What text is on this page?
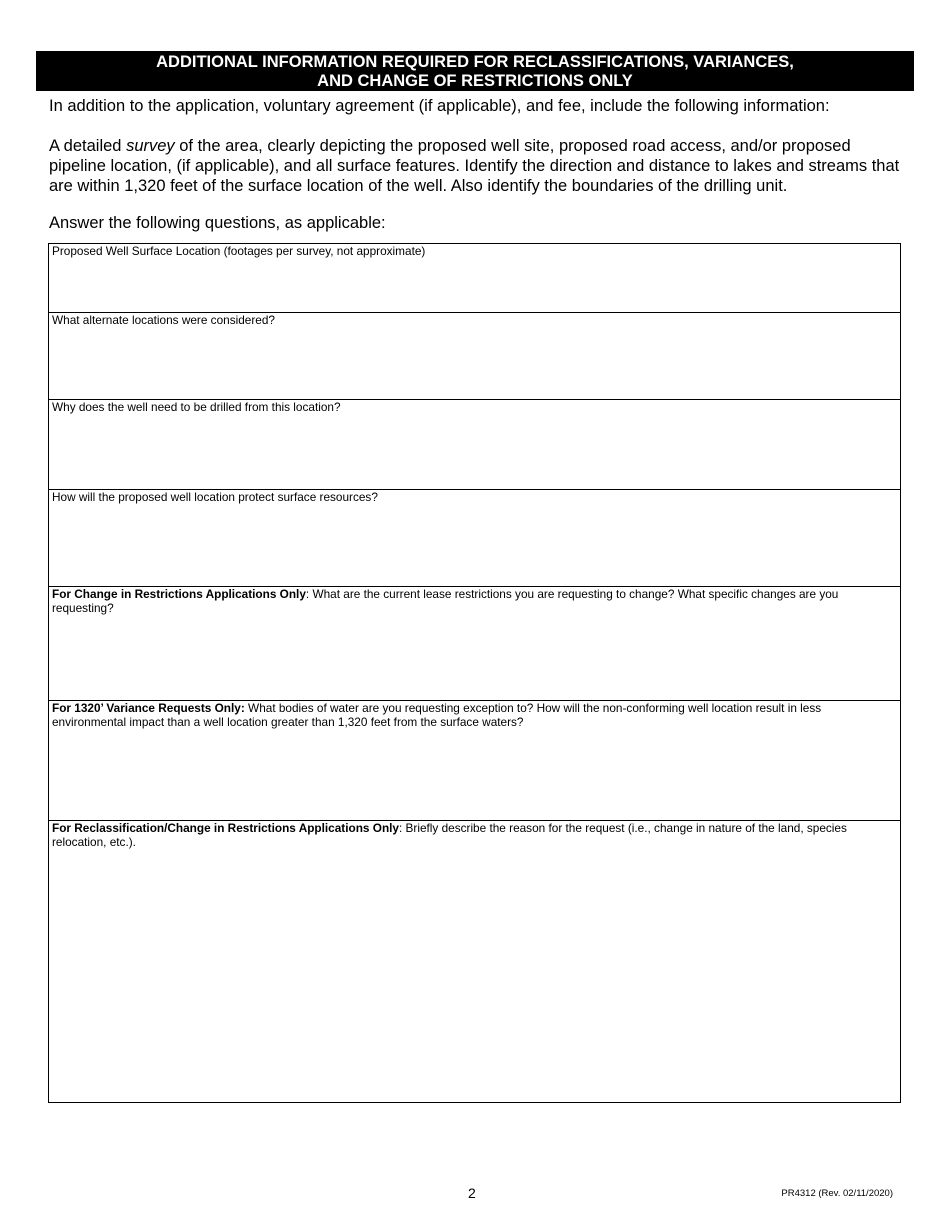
ADDITIONAL INFORMATION REQUIRED FOR RECLASSIFICATIONS, VARIANCES,
AND CHANGE OF RESTRICTIONS ONLY

In addition to the application, voluntary agreement (if applicable), and fee, include the following information:

A detailed survey of the area, clearly depicting the proposed well site, proposed road access, and/or proposed pipeline location, (if applicable), and all surface features. Identify the direction and distance to lakes and streams that are within 1,320 feet of the surface location of the well. Also identify the boundaries of the drilling unit.

Answer the following questions, as applicable:

Proposed Well Surface Location (footages per survey, not approximate)
What alternate locations were considered?
Why does the well need to be drilled from this location?
How will the proposed well location protect surface resources?
For Change in Restrictions Applications Only: What are the current lease restrictions you are requesting to change? What specific changes are you requesting?
For 1320’ Variance Requests Only: What bodies of water are you requesting exception to? How will the non-conforming well location result in less environmental impact than a well location greater than 1,320 feet from the surface waters?
For Reclassification/Change in Restrictions Applications Only: Briefly describe the reason for the request (i.e., change in nature of the land, species relocation, etc.).
2	PR4312 (Rev. 02/11/2020)
